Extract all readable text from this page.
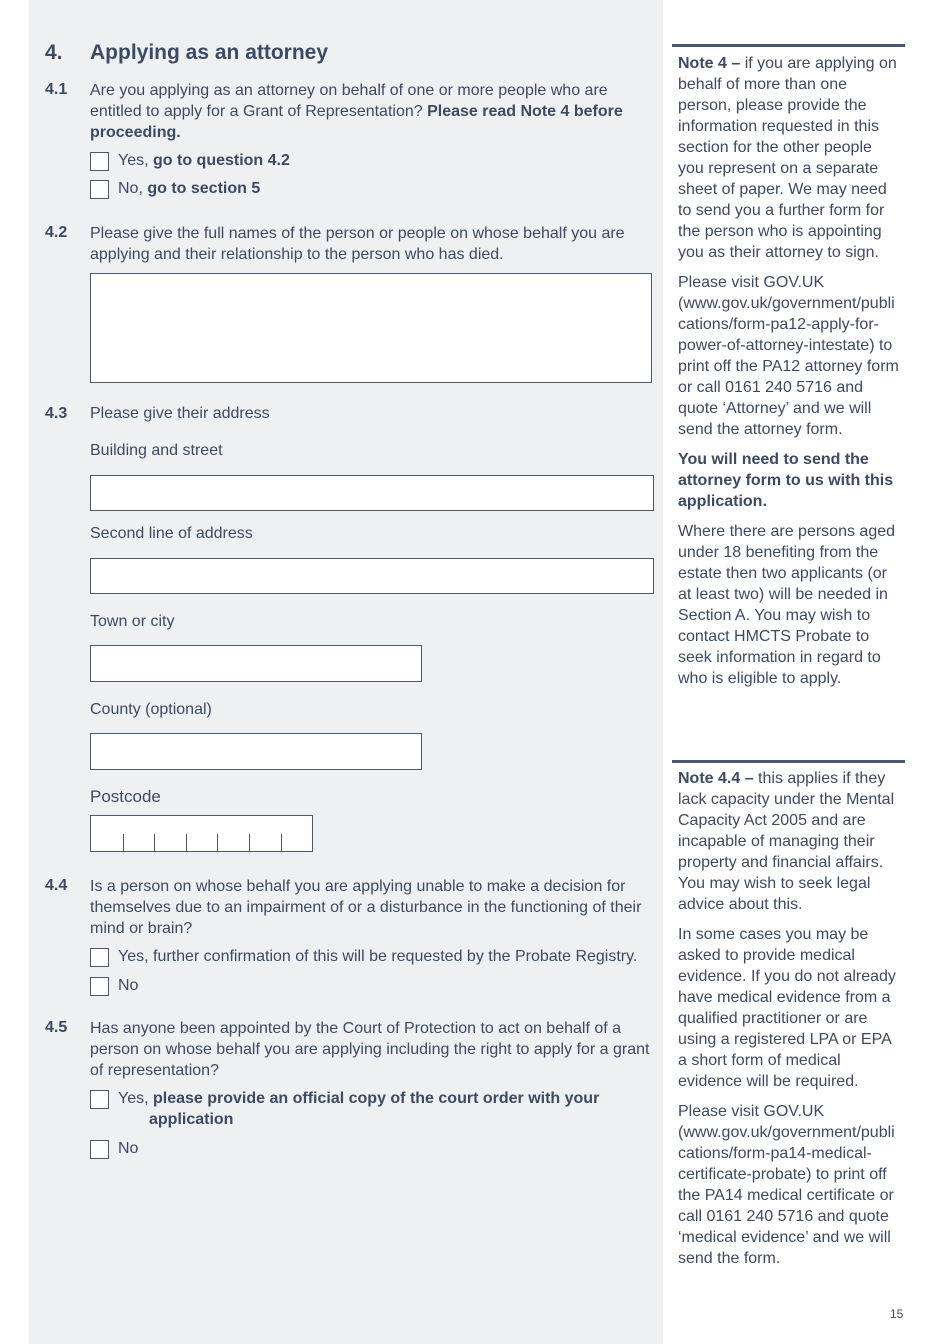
4. Applying as an attorney
4.1 Are you applying as an attorney on behalf of one or more people who are entitled to apply for a Grant of Representation? Please read Note 4 before proceeding.
Yes, go to question 4.2
No, go to section 5
4.2 Please give the full names of the person or people on whose behalf you are applying and their relationship to the person who has died.
4.3 Please give their address
Building and street
Second line of address
Town or city
County (optional)
Postcode
4.4 Is a person on whose behalf you are applying unable to make a decision for themselves due to an impairment of or a disturbance in the functioning of their mind or brain?
Yes, further confirmation of this will be requested by the Probate Registry.
No
4.5 Has anyone been appointed by the Court of Protection to act on behalf of a person on whose behalf you are applying including the right to apply for a grant of representation?
Yes, please provide an official copy of the court order with your application
No

Note 4 – if you are applying on behalf of more than one person, please provide the information requested in this section for the other people you represent on a separate sheet of paper. We may need to send you a further form for the person who is appointing you as their attorney to sign.

Please visit GOV.UK (www.gov.uk/government/publications/form-pa12-apply-for-power-of-attorney-intestate) to print off the PA12 attorney form or call 0161 240 5716 and quote ‘Attorney’ and we will send the attorney form.

You will need to send the attorney form to us with this application.

Where there are persons aged under 18 benefiting from the estate then two applicants (or at least two) will be needed in Section A. You may wish to contact HMCTS Probate to seek information in regard to who is eligible to apply.

Note 4.4 – this applies if they lack capacity under the Mental Capacity Act 2005 and are incapable of managing their property and financial affairs. You may wish to seek legal advice about this.

In some cases you may be asked to provide medical evidence. If you do not already have medical evidence from a qualified practitioner or are using a registered LPA or EPA a short form of medical evidence will be required.

Please visit GOV.UK (www.gov.uk/government/publications/form-pa14-medical-certificate-probate) to print off the PA14 medical certificate or call 0161 240 5716 and quote ‘medical evidence’ and we will send the form.

15
